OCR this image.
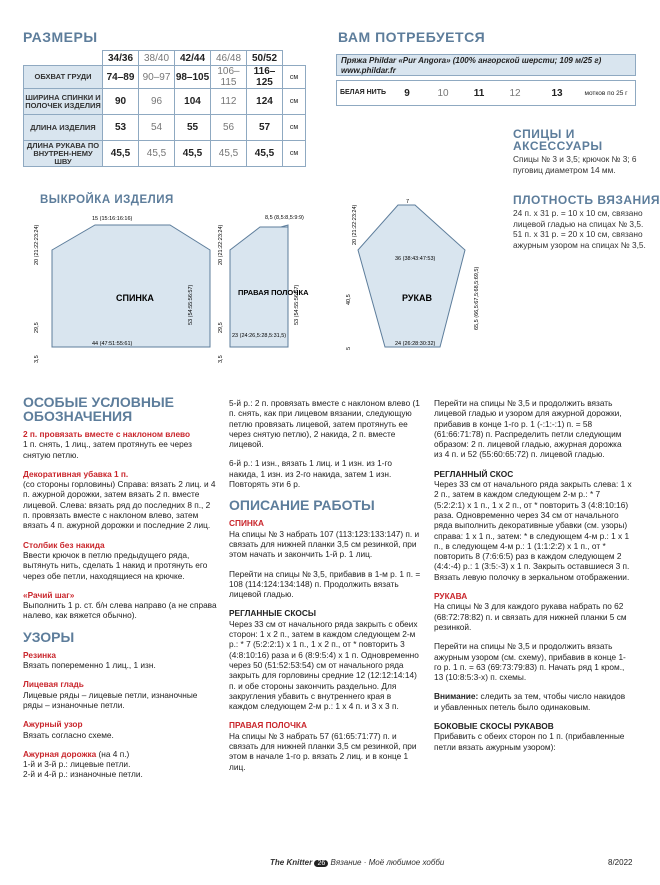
РАЗМЕРЫ	ВАМ ПОТРЕБУЕТСЯ
	34/36	38/40	42/44	46/48	50/52	
ОБХВАТ ГРУДИ	74–89	90–97	98–105	106–115	116–125	см
ШИРИНА СПИНКИ И ПОЛОЧЕК ИЗДЕЛИЯ	90	96	104	112	124	см
ДЛИНА ИЗДЕЛИЯ	53	54	55	56	57	см
ДЛИНА РУКАВА ПО ВНУТРЕН-НЕМУ ШВУ	45,5	45,5	45,5	45,5	45,5	см
Пряжа Phildar «Pur Angora» (100% ангорской шерсти; 109 м/25 г)
www.phildar.fr
БЕЛАЯ НИТЬ	9	10	11	12	13	мотков по 25 г
СПИЦЫ И АКСЕССУАРЫ
Спицы № 3 и 3,5; крючок № 3; 6 пуговиц диаметром 14 мм.
ПЛОТНОСТЬ ВЯЗАНИЯ
24 п. х 31 р. = 10 х 10 см, связано лицевой гладью на спицах № 3,5.
51 п. х 31 р. = 20 х 10 см, связано ажурным узором на спицах № 3,5.
ВЫКРОЙКА ИЗДЕЛИЯ
СПИНКА
15 (15:16:16:16)
20 (21:22:23:24)
53 (54:55:56:57)
29,5
3,5
44 (47:51:55:61)
ПРАВАЯ ПОЛОЧКА
8,5 (8,5:8,5:9:9)
20 (21:22:23:24)
53 (54:55:56:57)
29,5
3,5
23 (24:26,5:28,5:31,5)
РУКАВ
7
20 (21:22:23:24)
36 (38:43:47:53)
40,5	65,5 (66,5:67,5:68,5:69,5)
5
24 (26:28:30:32)
ОСОБЫЕ УСЛОВНЫЕ ОБОЗНАЧЕНИЯ
2 п. провязать вместе с наклоном влево

1 п. снять, 1 лиц., затем протянуть ее через снятую петлю.

Декоративная убавка 1 п.

(со стороны горловины) Справа: вязать 2 лиц. и 4 п. ажурной дорожки, затем вязать 2 п. вместе лицевой. Слева: вязать ряд до последних 8 п., 2 п. провязать вместе с наклоном влево, затем вязать 4 п. ажурной дорожки и последние 2 лиц.

Столбик без накида

Ввести крючок в петлю предыдущего ряда, вытянуть нить, сделать 1 накид и протянуть его через обе петли, находящиеся на крючке.

«Рачий шаг»

Выполнить 1 р. ст. б/н слева направо (а не справа налево, как вяжется обычно).

УЗОРЫ
Резинка

Вязать попеременно 1 лиц., 1 изн.

Лицевая гладь

Лицевые ряды – лицевые петли, изнаночные ряды – изнаночные петли.

Ажурный узор

Вязать согласно схеме.

Ажурная дорожка (на 4 п.)
1-й и 3-й р.: лицевые петли.
2-й и 4-й р.: изнаночные петли.

5-й р.: 2 п. провязать вместе с наклоном влево (1 п. снять, как при лицевом вязании, следующую петлю провязать лицевой, затем протянуть ее через снятую петлю), 2 накида, 2 п. вместе лицевой.

6-й р.: 1 изн., вязать 1 лиц. и 1 изн. из 1-го накида, 1 изн. из 2-го накида, затем 1 изн. Повторять эти 6 р.

ОПИСАНИЕ РАБОТЫ
СПИНКА

На спицы № 3 набрать 107 (113:123:133:147) п. и связать для нижней планки 3,5 см резинкой, при этом начать и закончить 1-й р. 1 лиц.

Перейти на спицы № 3,5, прибавив в 1-м р. 1 п. = 108 (114:124:134:148) п. Продолжить вязать лицевой гладью.

РЕГЛАННЫЕ СКОСЫ

Через 33 см от начального ряда закрыть с обеих сторон: 1 х 2 п., затем в каждом следующем 2-м р.: * 7 (5:2:2:1) х 1 п., 1 х 2 п., от * повторить 3 (4:8:10:16) раза и 6 (8:9:5:4) х 1 п. Одновременно через 50 (51:52:53:54) см от начального ряда закрыть для горловины средние 12 (12:12:14:14) п. и обе стороны закончить раздельно. Для закругления убавить с внутреннего края в каждом следующем 2-м р.: 1 х 4 п. и 3 х 3 п.

ПРАВАЯ ПОЛОЧКА

На спицы № 3 набрать 57 (61:65:71:77) п. и связать для нижней планки 3,5 см резинкой, при этом в начале 1-го р. вязать 2 лиц. и в конце 1 лиц.

Перейти на спицы № 3,5 и продолжить вязать лицевой гладью и узором для ажурной дорожки, прибавив в конце 1-го р. 1 (-:1:-:1) п. = 58 (61:66:71:78) п. Распределить петли следующим образом: 2 п. лицевой гладью, ажурная дорожка из 4 п. и 52 (55:60:65:72) п. лицевой гладью.

РЕГЛАННЫЙ СКОС

Через 33 см от начального ряда закрыть слева: 1 х 2 п., затем в каждом следующем 2-м р.: * 7 (5:2:2:1) х 1 п., 1 х 2 п., от * повторить 3 (4:8:10:16) раза. Одновременно через 34 см от начального ряда выполнить декоративные убавки (см. узоры) справа: 1 х 1 п., затем: * в следующем 4-м р.: 1 х 1 п., в следующем 4-м р.: 1 (1:1:2:2) х 1 п., от * повторить 8 (7:6:6:5) раз в каждом следующем 2 (4:4:-4) р.: 1 (3:5:-3) х 1 п. Закрыть оставшиеся 3 п. Вязать левую полочку в зеркальном отображении.

РУКАВА

На спицы № 3 для каждого рукава набрать по 62 (68:72:78:82) п. и связать для нижней планки 5 см резинкой.

Перейти на спицы № 3,5 и продолжить вязать ажурным узором (см. схему), прибавив в конце 1-го р. 1 п. = 63 (69:73:79:83) п. Начать ряд 1 кром., 13 (10:8:5:3-х) п. схемы.

Внимание: следить за тем, чтобы число накидов и убавленных петель было одинаковым.

БОКОВЫЕ СКОСЫ РУКАВОВ

Прибавить с обеих сторон по 1 п. (прибавленные петли вязать ажурным узором):

The Knitter 26 Вязание · Моё любимое хобби	8/2022
